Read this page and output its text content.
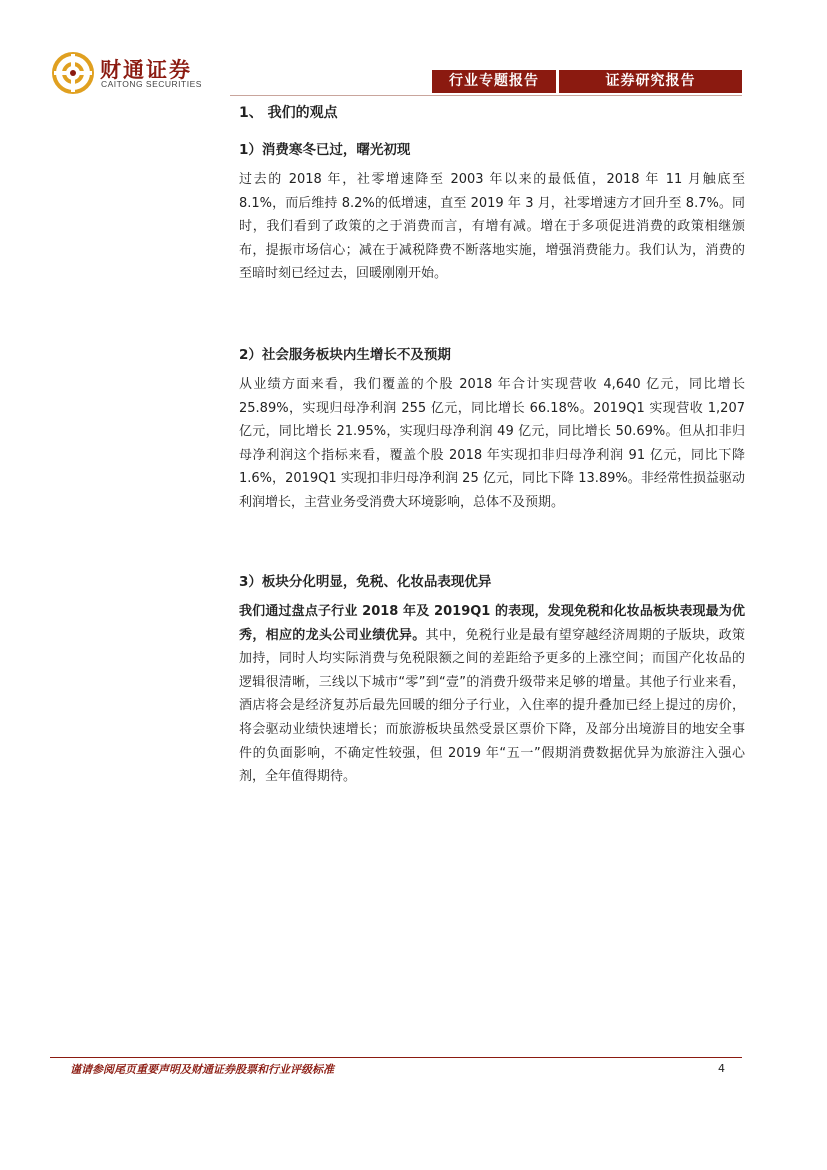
财通证券
CAITONG SECURITIES	行业专题报告	证券研究报告
1、 我们的观点
1）消费寒冬已过，曙光初现
过去的 2018 年，社零增速降至 2003 年以来的最低值，2018 年 11 月触底至 8.1%，而后维持 8.2%的低增速，直至 2019 年 3 月，社零增速方才回升至 8.7%。同时，我们看到了政策的之于消费而言，有增有减。增在于多项促进消费的政策相继颁布，提振市场信心；减在于减税降费不断落地实施，增强消费能力。我们认为，消费的至暗时刻已经过去，回暖刚刚开始。
2）社会服务板块内生增长不及预期
从业绩方面来看，我们覆盖的个股 2018 年合计实现营收 4,640 亿元，同比增长 25.89%，实现归母净利润 255 亿元，同比增长 66.18%。2019Q1 实现营收 1,207 亿元，同比增长 21.95%，实现归母净利润 49 亿元，同比增长 50.69%。但从扣非归母净利润这个指标来看，覆盖个股 2018 年实现扣非归母净利润 91 亿元，同比下降 1.6%，2019Q1 实现扣非归母净利润 25 亿元，同比下降 13.89%。非经常性损益驱动利润增长，主营业务受消费大环境影响，总体不及预期。
3）板块分化明显，免税、化妆品表现优异
我们通过盘点子行业 2018 年及 2019Q1 的表现，发现免税和化妆品板块表现最为优秀，相应的龙头公司业绩优异。其中，免税行业是最有望穿越经济周期的子版块，政策加持，同时人均实际消费与免税限额之间的差距给予更多的上涨空间；而国产化妆品的逻辑很清晰，三线以下城市“零”到“壹”的消费升级带来足够的增量。其他子行业来看，酒店将会是经济复苏后最先回暖的细分子行业，入住率的提升叠加已经上提过的房价，将会驱动业绩快速增长；而旅游板块虽然受景区票价下降，及部分出境游目的地安全事件的负面影响，不确定性较强，但 2019 年“五一”假期消费数据优异为旅游注入强心剂，全年值得期待。
谨请参阅尾页重要声明及财通证券股票和行业评级标准	4
